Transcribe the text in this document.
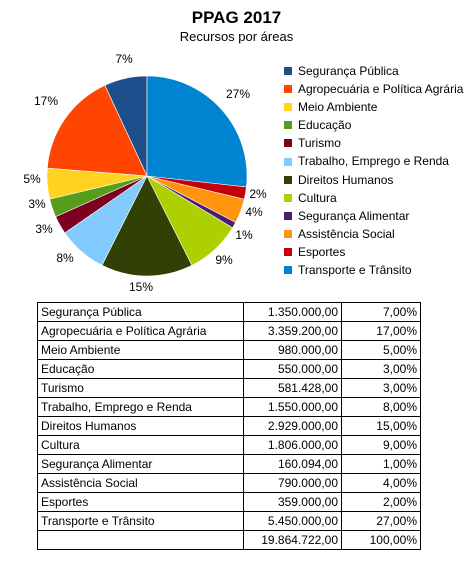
PPAG 2017
Recursos por áreas
7%
17%
5%
3%
3%
8%
15%
9%
1%
4%
2%
27%
Segurança Pública
Agropecuária e Política Agrária
Meio Ambiente
Educação
Turismo
Trabalho, Emprego e Renda
Direitos Humanos
Cultura
Segurança Alimentar
Assistência Social
Esportes
Transporte e Trânsito
Segurança Pública	1.350.000,00	7,00%
Agropecuária e Política Agrária	3.359.200,00	17,00%
Meio Ambiente	980.000,00	5,00%
Educação	550.000,00	3,00%
Turismo	581.428,00	3,00%
Trabalho, Emprego e Renda	1.550.000,00	8,00%
Direitos Humanos	2.929.000,00	15,00%
Cultura	1.806.000,00	9,00%
Segurança Alimentar	160.094,00	1,00%
Assistência Social	790.000,00	4,00%
Esportes	359.000,00	2,00%
Transporte e Trânsito	5.450.000,00	27,00%
	19.864.722,00	100,00%
